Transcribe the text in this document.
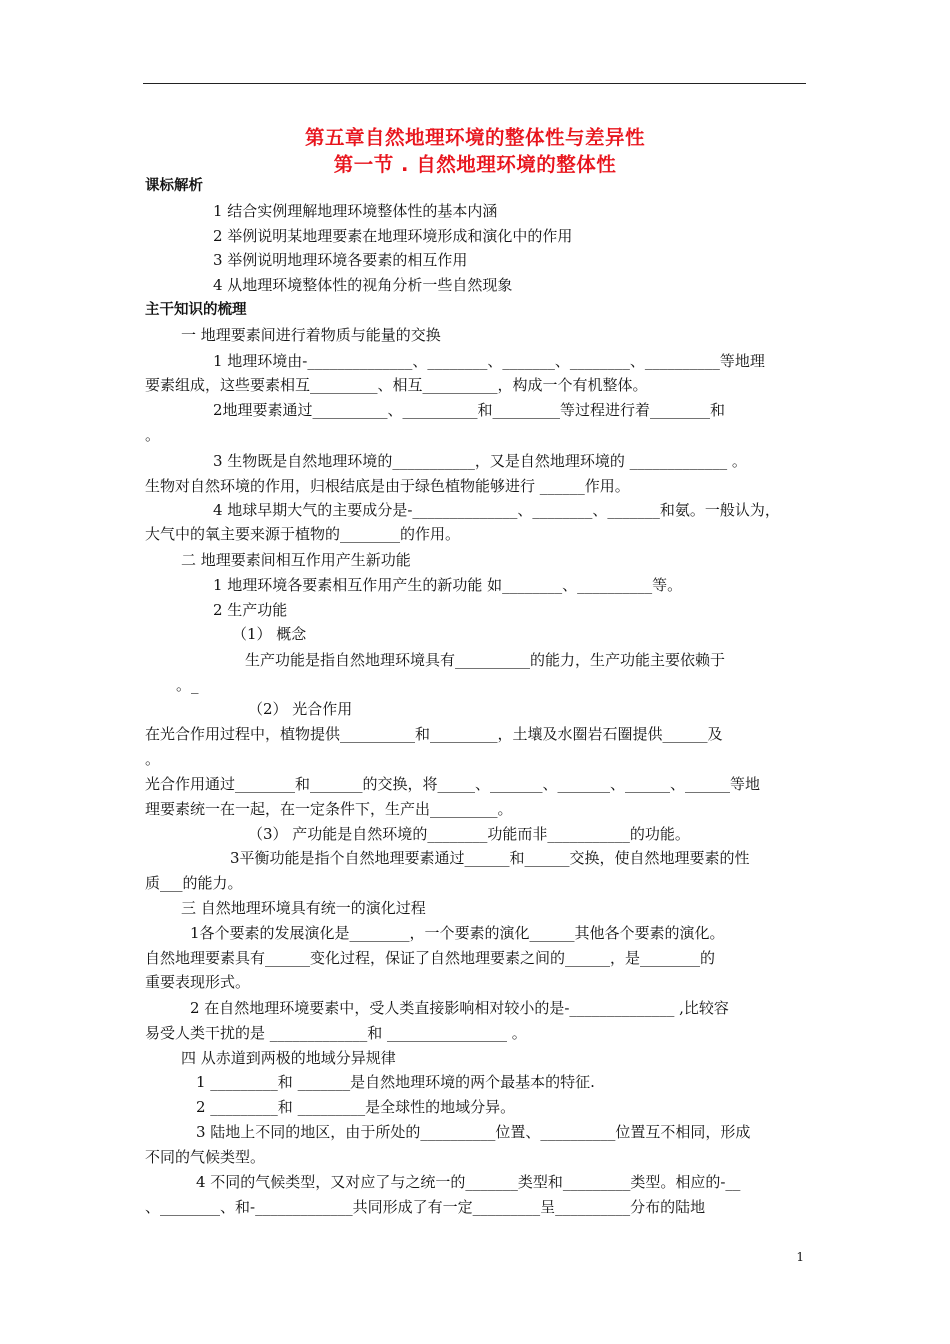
第五章自然地理环境的整体性与差异性
第一节 . 自然地理环境的整体性
课标解析
1 结合实例理解地理环境整体性的基本内涵
2 举例说明某地理要素在地理环境形成和演化中的作用
3 举例说明地理环境各要素的相互作用
4 从地理环境整体性的视角分析一些自然现象
主干知识的梳理
一 地理要素间进行着物质与能量的交换
1 地理环境由-______________、________、_______、________、__________等地理
要素组成，这些要素相互_________、相互__________，构成一个有机整体。
2地理要素通过__________、__________和_________等过程进行着________和
。
3 生物既是自然地理环境的___________，又是自然地理环境的 _____________ 。
生物对自然环境的作用，归根结底是由于绿色植物能够进行 ______作用。
4 地球早期大气的主要成分是-______________、________、_______和氨。一般认为，
大气中的氧主要来源于植物的________的作用。
二 地理要素间相互作用产生新功能
1 地理环境各要素相互作用产生的新功能 如________、__________等。
2 生产功能
（1） 概念
生产功能是指自然地理环境具有__________的能力，生产功能主要依赖于
。_
（2） 光合作用
在光合作用过程中，植物提供__________和_________，土壤及水圈岩石圈提供______及
。
光合作用通过________和_______的交换，将_____、_______、_______、______、______等地
理要素统一在一起，在一定条件下，生产出_________。
（3） 产功能是自然环境的________功能而非___________的功能。
3平衡功能是指个自然地理要素通过______和______交换，使自然地理要素的性
质___的能力。
三 自然地理环境具有统一的演化过程
1各个要素的发展演化是________，一个要素的演化______其他各个要素的演化。
自然地理要素具有______变化过程，保证了自然地理要素之间的______，是________的
重要表现形式。
2 在自然地理环境要素中，受人类直接影响相对较小的是-______________ ,比较容
易受人类干扰的是 _____________和 ________________ 。
四 从赤道到两极的地域分异规律
1 _________和 _______是自然地理环境的两个最基本的特征.
2 _________和 _________是全球性的地域分异。
3 陆地上不同的地区，由于所处的__________位置、__________位置互不相同，形成
不同的气候类型。
4 不同的气候类型，又对应了与之统一的_______类型和_________类型。相应的-__
、________、和-_____________共同形成了有一定_________呈__________分布的陆地
1
